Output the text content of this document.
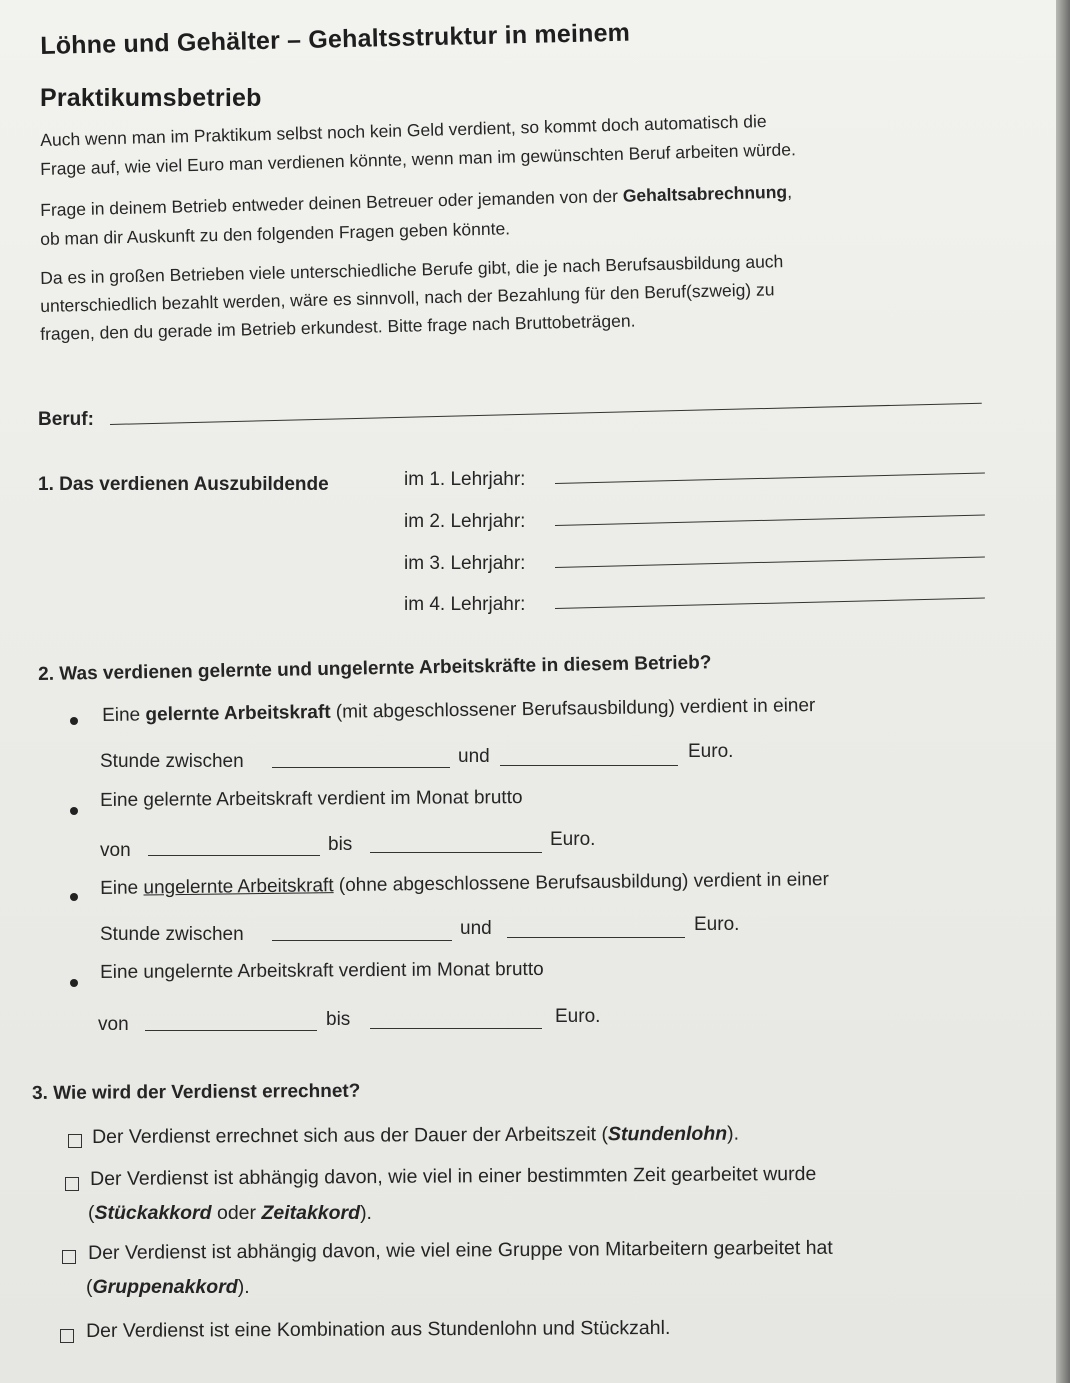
Löhne und Gehälter – Gehaltsstruktur in meinem
Praktikumsbetrieb
Auch wenn man im Praktikum selbst noch kein Geld verdient, so kommt doch automatisch die
Frage auf, wie viel Euro man verdienen könnte, wenn man im gewünschten Beruf arbeiten würde.
Frage in deinem Betrieb entweder deinen Betreuer oder jemanden von der Gehaltsabrechnung,
ob man dir Auskunft zu den folgenden Fragen geben könnte.
Da es in großen Betrieben viele unterschiedliche Berufe gibt, die je nach Berufsausbildung auch
unterschiedlich bezahlt werden, wäre es sinnvoll, nach der Bezahlung für den Beruf(szweig) zu
fragen, den du gerade im Betrieb erkundest. Bitte frage nach Bruttobeträgen.
Beruf:
1. Das verdienen Auszubildende	im 1. Lehrjahr:
im 2. Lehrjahr:
im 3. Lehrjahr:
im 4. Lehrjahr:
2. Was verdienen gelernte und ungelernte Arbeitskräfte in diesem Betrieb?
Eine gelernte Arbeitskraft (mit abgeschlossener Berufsausbildung) verdient in einer
Stunde zwischen	und	Euro.
Eine gelernte Arbeitskraft verdient im Monat brutto
von	bis	Euro.
Eine ungelernte Arbeitskraft (ohne abgeschlossene Berufsausbildung) verdient in einer
Stunde zwischen	und	Euro.
Eine ungelernte Arbeitskraft verdient im Monat brutto
von	bis	Euro.
3. Wie wird der Verdienst errechnet?
Der Verdienst errechnet sich aus der Dauer der Arbeitszeit (Stundenlohn).
Der Verdienst ist abhängig davon, wie viel in einer bestimmten Zeit gearbeitet wurde
(Stückakkord oder Zeitakkord).
Der Verdienst ist abhängig davon, wie viel eine Gruppe von Mitarbeitern gearbeitet hat
(Gruppenakkord).
Der Verdienst ist eine Kombination aus Stundenlohn und Stückzahl.
